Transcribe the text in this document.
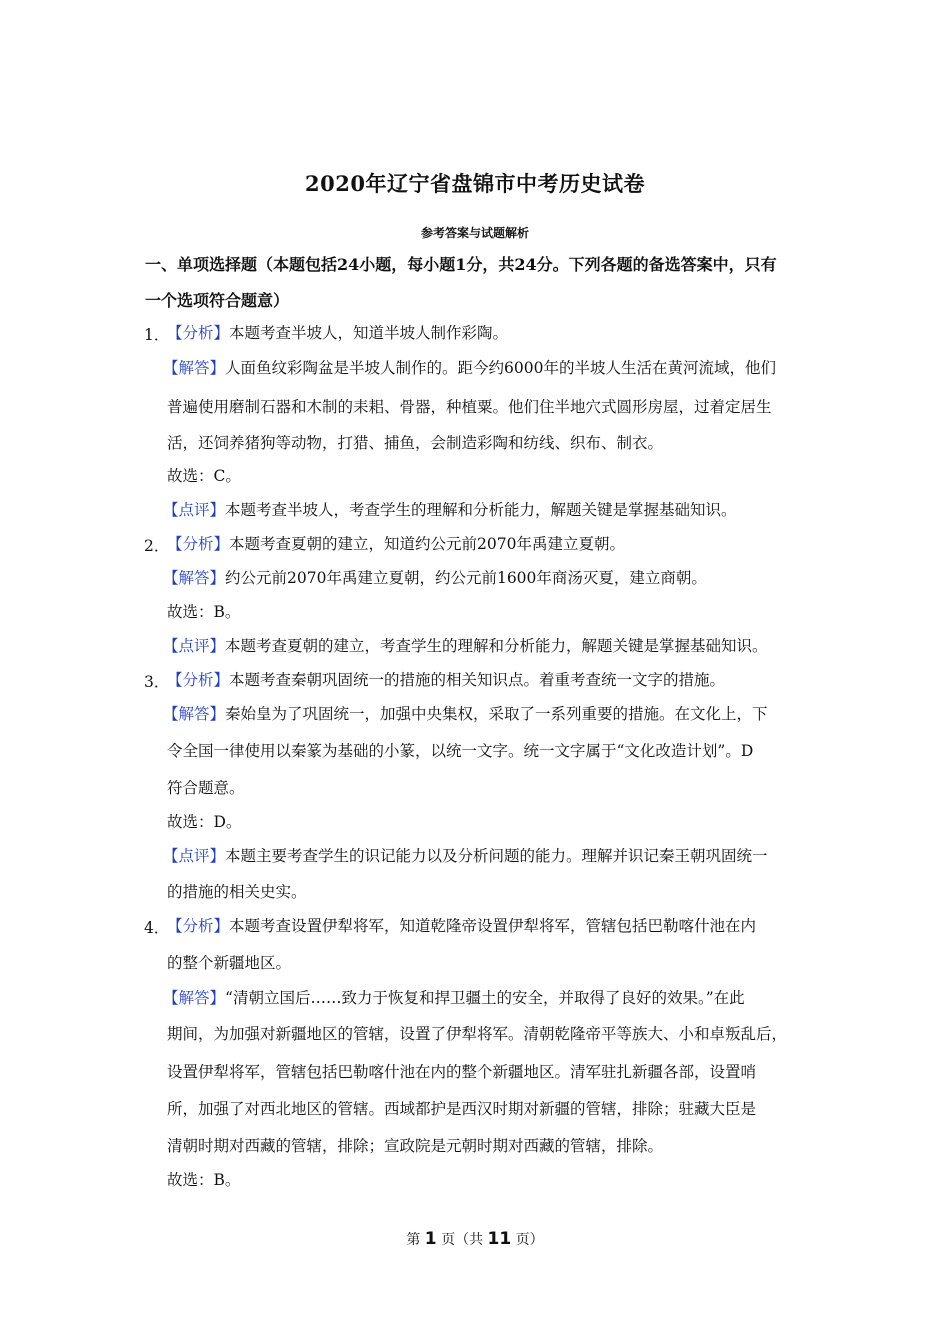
2020年辽宁省盘锦市中考历史试卷
参考答案与试题解析
一、单项选择题（本题包括24小题，每小题1分，共24分。下列各题的备选答案中，只有
一个选项符合题意）
1．
【分析】本题考查半坡人，知道半坡人制作彩陶。
【解答】人面鱼纹彩陶盆是半坡人制作的。距今约6000年的半坡人生活在黄河流域，他们
普遍使用磨制石器和木制的耒耜、骨器，种植粟。他们住半地穴式圆形房屋，过着定居生
活，还饲养猪狗等动物，打猎、捕鱼，会制造彩陶和纺线、织布、制衣。
故选：C。
【点评】本题考查半坡人，考查学生的理解和分析能力，解题关键是掌握基础知识。
2．
【分析】本题考查夏朝的建立，知道约公元前2070年禹建立夏朝。
【解答】约公元前2070年禹建立夏朝，约公元前1600年商汤灭夏，建立商朝。
故选：B。
【点评】本题考查夏朝的建立，考查学生的理解和分析能力，解题关键是掌握基础知识。
3．
【分析】本题考查秦朝巩固统一的措施的相关知识点。着重考查统一文字的措施。
【解答】秦始皇为了巩固统一，加强中央集权，采取了一系列重要的措施。在文化上，下
令全国一律使用以秦篆为基础的小篆，以统一文字。统一文字属于“文化改造计划”。D
符合题意。
故选：D。
【点评】本题主要考查学生的识记能力以及分析问题的能力。理解并识记秦王朝巩固统一
的措施的相关史实。
4．
【分析】本题考查设置伊犁将军，知道乾隆帝设置伊犁将军，管辖包括巴勒喀什池在内
的整个新疆地区。
【解答】“清朝立国后……致力于恢复和捍卫疆土的安全，并取得了良好的效果。”在此
期间，为加强对新疆地区的管辖，设置了伊犁将军。清朝乾隆帝平等族大、小和卓叛乱后，
设置伊犁将军，管辖包括巴勒喀什池在内的整个新疆地区。清军驻扎新疆各部，设置哨
所，加强了对西北地区的管辖。西域都护是西汉时期对新疆的管辖，排除；驻藏大臣是
清朝时期对西藏的管辖，排除；宣政院是元朝时期对西藏的管辖，排除。
故选：B。
第 1 页（共 11 页）
